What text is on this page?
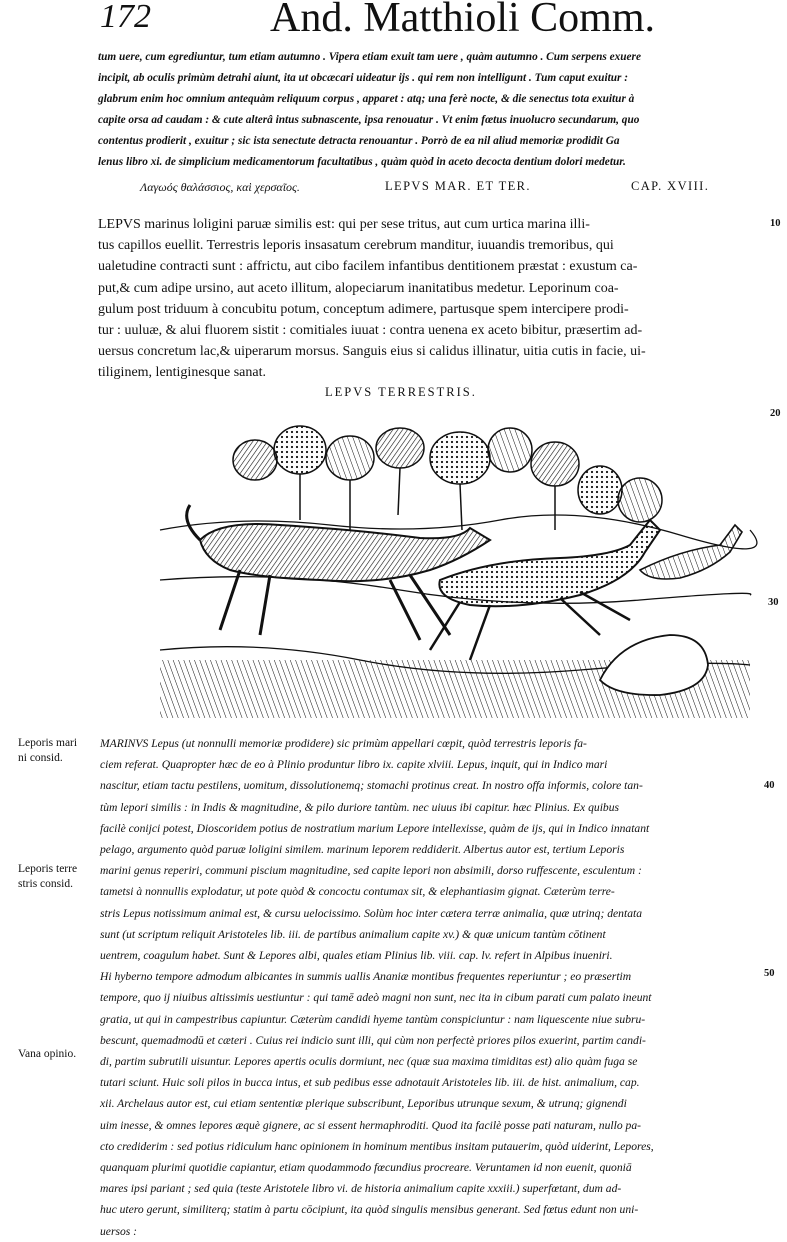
172	And. Matthioli Comm.
tum uere, cum egrediuntur, tum etiam autumno . Vipera etiam exuit tam uere , quàm autumno . Cum serpens exuere
incipit, ab oculis primùm detrahi aiunt, ita ut obcæcari uideatur ijs . qui rem non intelligunt . Tum caput exuitur :
glabrum enim hoc omnium antequàm reliquum corpus , apparet : atq; una ferè nocte, & die senectus tota exuitur à
capite orsa ad caudam : & cute alterâ intus subnascente, ipsa renouatur . Vt enim fœtus inuolucro secundarum, quo
contentus prodierit , exuitur ; sic ista senectute detracta renouantur . Porrò de ea nil aliud memoriæ prodidit Ga
lenus libro xi. de simplicium medicamentorum facultatibus , quàm quòd in aceto decocta dentium dolori medetur.
Λαγωός θαλάσσιος, καὶ χερσαῖος.	LEPVS MAR. ET TER.	CAP. XVIII.
LEPVS marinus loligini paruæ similis est: qui per sese tritus, aut cum urtica marina illi-
tus capillos euellit. Terrestris leporis insasatum cerebrum manditur, iuuandis tremoribus, qui
ualetudine contracti sunt : affrictu, aut cibo facilem infantibus dentitionem præstat : exustum ca-
put,& cum adipe ursino, aut aceto illitum, alopeciarum inanitatibus medetur. Leporinum coa-
gulum post triduum à concubitu potum, conceptum adimere, partusque spem intercipere prodi-
tur : uuluæ, & alui fluorem sistit : comitiales iuuat : contra uenena ex aceto bibitur, præsertim ad-
uersus concretum lac,& uiperarum morsus. Sanguis eius si calidus illinatur, uitia cutis in facie, ui-
tiliginem, lentiginesque sanat.
LEPVS TERRESTRIS.
MARINVS Lepus (ut nonnulli memoriæ prodidere) sic primùm appellari cœpit, quòd terrestris leporis fa-
ciem referat. Quapropter hæc de eo à Plinio produntur libro ix. capite xlviii. Lepus, inquit, qui in Indico mari
nascitur, etiam tactu pestilens, uomitum, dissolutionemq; stomachi protinus creat. In nostro offa informis, colore tan-
tùm lepori similis : in Indis & magnitudine, & pilo duriore tantùm. nec uiuus ibi capitur. hæc Plinius. Ex quibus
facilè conijci potest, Dioscoridem potius de nostratium marium Lepore intellexisse, quàm de ijs, qui in Indico innatant
pelago, argumento quòd paruæ loligini similem. marinum leporem reddiderit. Albertus autor est, tertium Leporis
marini genus reperiri, communi piscium magnitudine, sed capite lepori non absimili, dorso ruffescente, esculentum :
tametsi à nonnullis explodatur, ut pote quòd & concoctu contumax sit, & elephantiasim gignat. Cæterùm terre-
stris Lepus notissimum animal est, & cursu uelocissimo. Solùm hoc inter cætera terræ animalia, quæ utrinq; dentata
sunt (ut scriptum reliquit Aristoteles lib. iii. de partibus animalium capite xv.) & quæ unicum tantùm cōtinent
uentrem, coagulum habet. Sunt & Lepores albi, quales etiam Plinius lib. viii. cap. lv. refert in Alpibus inueniri.
Hi hyberno tempore admodum albicantes in summis uallis Ananiæ montibus frequentes reperiuntur ; eo præsertim
tempore, quo ij niuibus altissimis uestiuntur : qui tamē adeò magni non sunt, nec ita in cibum parati cum palato ineunt
gratia, ut qui in campestribus capiuntur. Cæterùm candidi hyeme tantùm conspiciuntur : nam liquescente niue subru-
bescunt, quemadmodū et cæteri . Cuius rei indicio sunt illi, qui cùm non perfectè priores pilos exuerint, partim candi-
di, partim subrutili uisuntur. Lepores apertis oculis dormiunt, nec (quæ sua maxima timiditas est) alio quàm fuga se
tutari sciunt. Huic soli pilos in bucca intus, et sub pedibus esse adnotauit Aristoteles lib. iii. de hist. animalium, cap.
xii. Archelaus autor est, cui etiam sententiæ plerique subscribunt, Leporibus utrunque sexum, & utrunq; gignendi
uim inesse, & omnes lepores æquè gignere, ac si essent hermaphroditi. Quod ita facilè posse pati naturam, nullo pa-
cto crediderim : sed potius ridiculum hanc opinionem in hominum mentibus insitam putauerim, quòd uiderint, Lepores,
quanquam plurimi quotidie capiantur, etiam quodammodo fœcundius procreare. Veruntamen id non euenit, quoniā
mares ipsi pariant ; sed quia (teste Aristotele libro vi. de historia animalium capite xxxiii.) superfœtant, dum ad-
huc utero gerunt, similiterq; statim à partu cōcipiunt, ita quòd singulis mensibus generant. Sed fœtus edunt non uni-
uersos :
Leporis mari
ni consid.
Leporis terre
stris consid.
Vana opinio.
10
20
30
40
50
